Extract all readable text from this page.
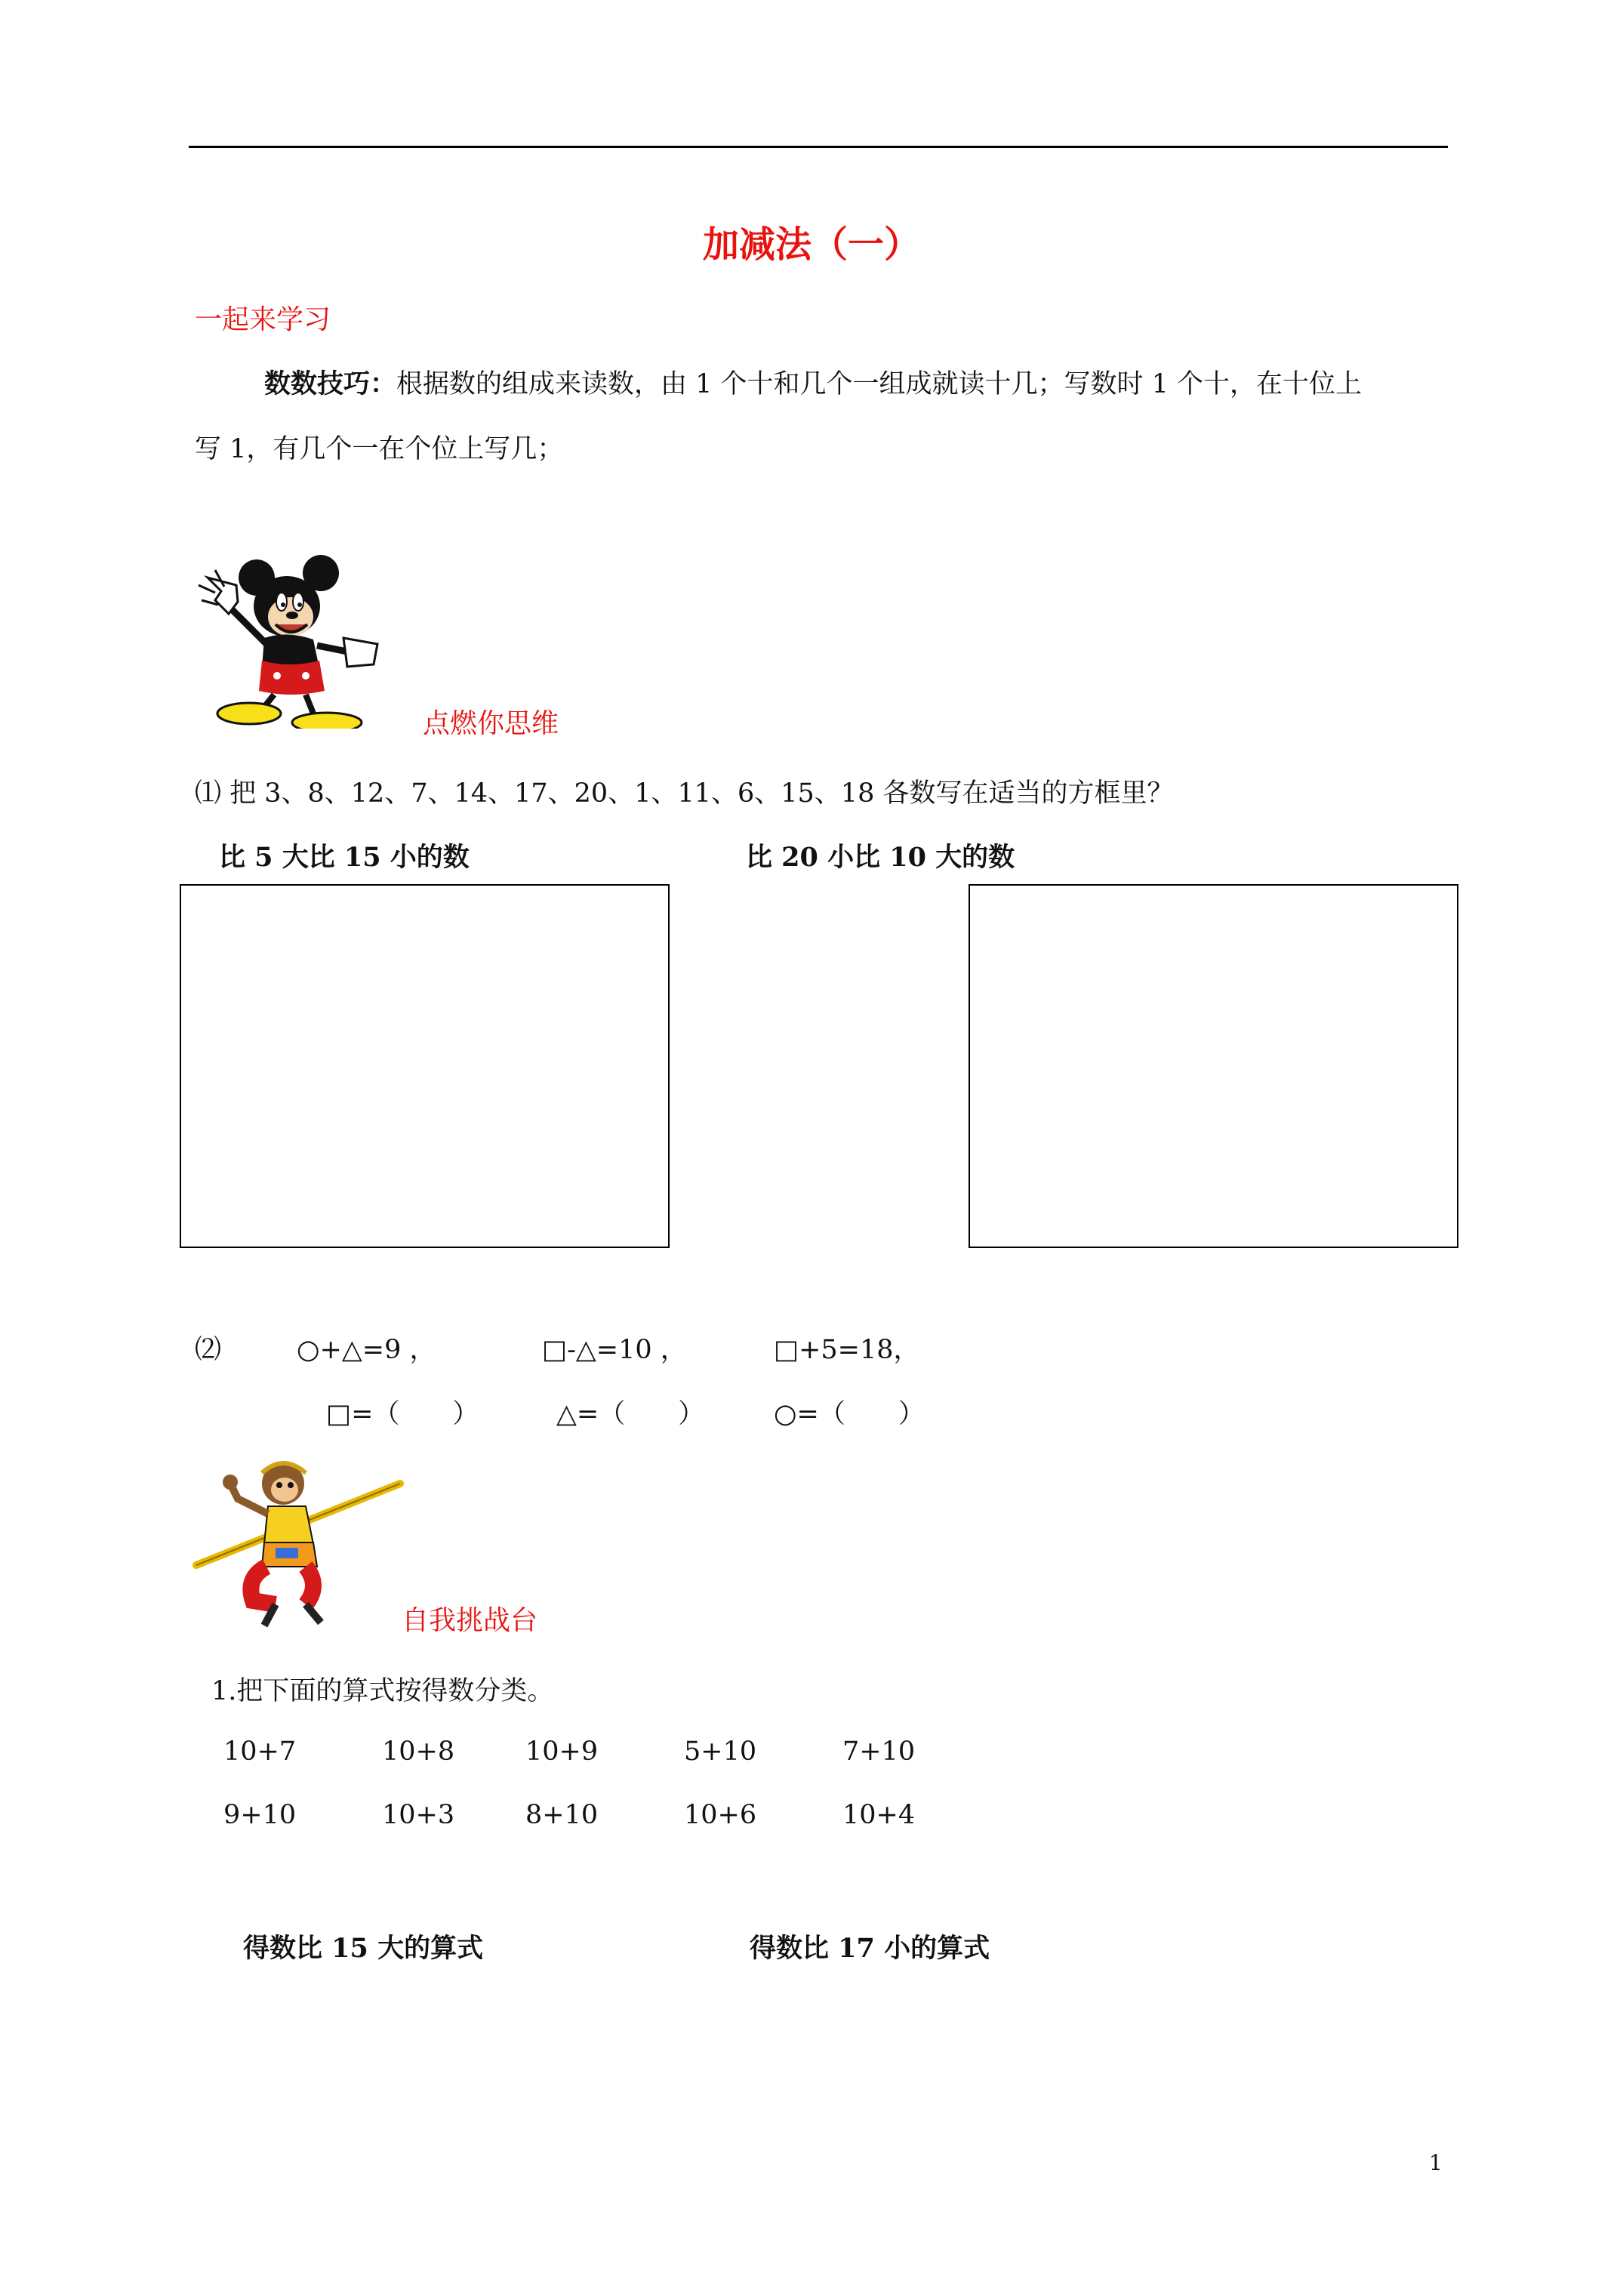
加减法（一）
一起来学习
数数技巧：根据数的组成来读数，由 1 个十和几个一组成就读十几；写数时 1 个十，在十位上
写 1，有几个一在个位上写几；
点燃你思维
⑴ 把 3、8、12、7、14、17、20、1、11、6、15、18 各数写在适当的方框里？
比 5 大比 15 小的数	比 20 小比 10 大的数
⑵	○+△=9 ，	□-△=10 ，	□+5=18，
□=（　　）	△=（　　）	○=（　　）
自我挑战台
1.把下面的算式按得数分类。
10+7	10+8	10+9	5+10	7+10
9+10	10+3	8+10	10+6	10+4
得数比 15 大的算式	得数比 17 小的算式
1
